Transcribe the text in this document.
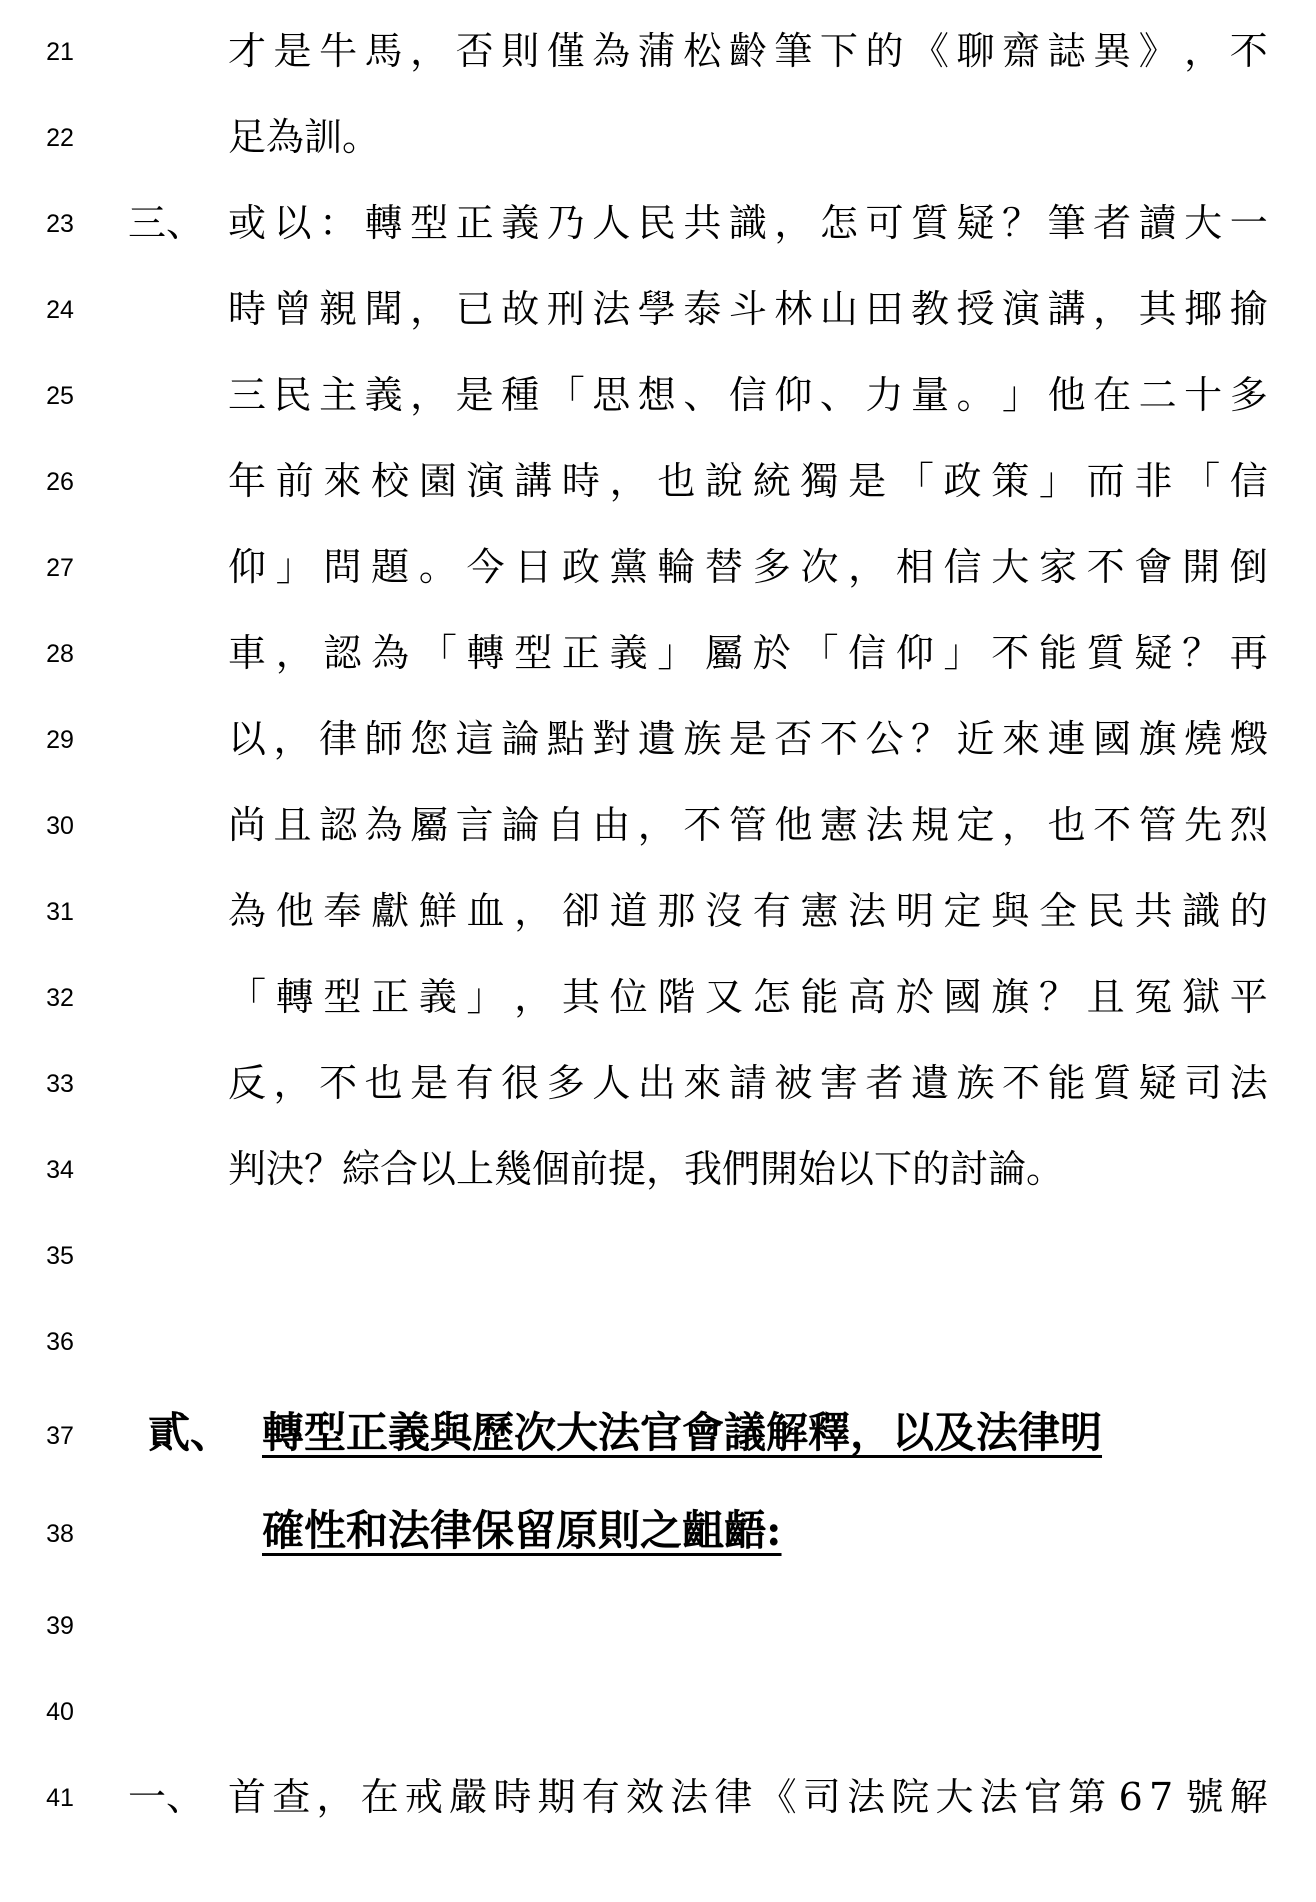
21
22
23
24
25
26
27
28
29
30
31
32
33
34
35
36
37
38
39
40
41
才 是 牛 馬 ， 否 則 僅 為 蒲 松 齡 筆 下 的 《 聊 齋 誌 異 》 ， 不
足為訓。
三、 或 以 ： 轉 型 正 義 乃 人 民 共 識 ， 怎 可 質 疑 ？ 筆 者 讀 大 一
時 曾 親 聞 ， 已 故 刑 法 學 泰 斗 林 山 田 教 授 演 講 ， 其 揶 揄
三 民 主 義 ， 是 種 「 思 想 、 信 仰 、 力 量 。 」 他 在 二 十 多
年 前 來 校 園 演 講 時 ， 也 說 統 獨 是 「 政 策 」 而 非 「 信
仰 」 問 題 。 今 日 政 黨 輪 替 多 次 ， 相 信 大 家 不 會 開 倒
車 ， 認 為 「 轉 型 正 義 」 屬 於 「 信 仰 」 不 能 質 疑 ？ 再
以 ， 律 師 您 這 論 點 對 遺 族 是 否 不 公 ？ 近 來 連 國 旗 燒 燬
尚 且 認 為 屬 言 論 自 由 ， 不 管 他 憲 法 規 定 ， 也 不 管 先 烈
為 他 奉 獻 鮮 血 ， 卻 道 那 沒 有 憲 法 明 定 與 全 民 共 識 的
「 轉 型 正 義 」 ， 其 位 階 又 怎 能 高 於 國 旗 ？ 且 冤 獄 平
反 ， 不 也 是 有 很 多 人 出 來 請 被 害 者 遺 族 不 能 質 疑 司 法
判決？綜合以上幾個前提，我們開始以下的討論。
貳、 轉型正義與歷次大法官會議解釋，以及法律明
確性和法律保留原則之齟齬:
一、 首 查 ， 在 戒 嚴 時 期 有 效 法 律 《 司 法 院 大 法 官 第 6 7 號 解
